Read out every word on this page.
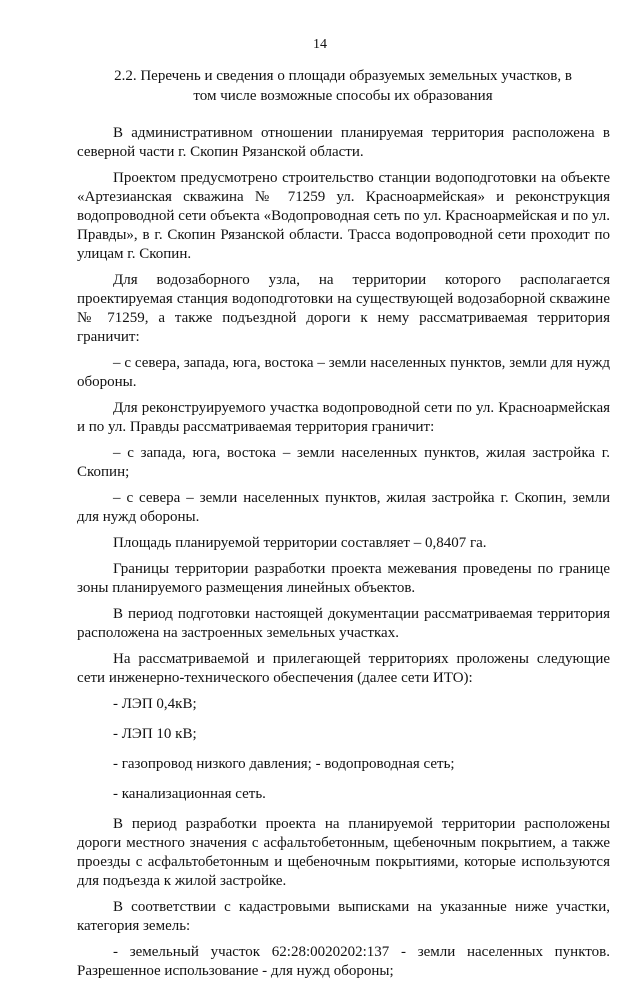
14
2.2. Перечень и сведения о площади образуемых земельных участков, в том числе возможные способы их образования

В административном отношении планируемая территория расположена в северной части г. Скопин Рязанской области.

Проектом предусмотрено строительство станции водоподготовки на объекте «Артезианская скважина № 71259 ул. Красноармейская» и реконструкция водопроводной сети объекта «Водопроводная сеть по ул. Красноармейская и по ул. Правды», в г. Скопин Рязанской области. Трасса водопроводной сети проходит по улицам г. Скопин.

Для водозаборного узла, на территории которого располагается проектируемая станция водоподготовки на существующей водозаборной скважине № 71259, а также подъездной дороги к нему рассматриваемая территория граничит:

– с севера, запада, юга, востока – земли населенных пунктов, земли для нужд обороны.

Для реконструируемого участка водопроводной сети по ул. Красноармейская и по ул. Правды рассматриваемая территория граничит:

– с запада, юга, востока – земли населенных пунктов, жилая застройка г. Скопин;

– с севера – земли населенных пунктов, жилая застройка г. Скопин, земли для нужд обороны.

Площадь планируемой территории составляет – 0,8407 га.

Границы территории разработки проекта межевания проведены по границе зоны планируемого размещения линейных объектов.

В период подготовки настоящей документации рассматриваемая территория расположена на застроенных земельных участках.

На рассматриваемой и прилегающей территориях проложены следующие сети инженерно-технического обеспечения (далее сети ИТО):

- ЛЭП 0,4кВ;
- ЛЭП 10 кВ;
- газопровод низкого давления; - водопроводная сеть;
- канализационная сеть.

В период разработки проекта на планируемой территории расположены дороги местного значения с асфальтобетонным, щебеночным покрытием, а также проезды с асфальтобетонным и щебеночным покрытиями, которые используются для подъезда к жилой застройке.

В соответствии с кадастровыми выписками на указанные ниже участки, категория земель:

- земельный участок 62:28:0020202:137 - земли населенных пунктов. Разрешенное использование - для нужд обороны;
